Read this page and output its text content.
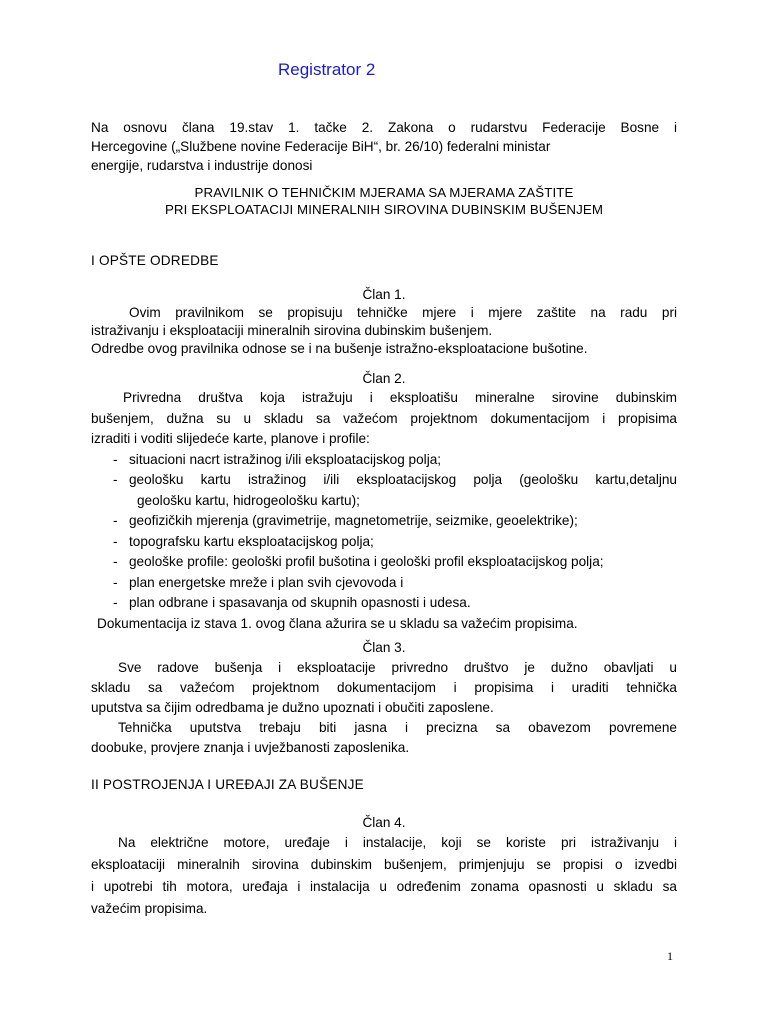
Registrator 2

Na osnovu člana 19.stav 1. tačke 2. Zakona o rudarstvu Federacije Bosne i

Hercegovine („Službene novine Federacije BiH“, br. 26/10) federalni ministar

energije, rudarstva i industrije donosi

PRAVILNIK O TEHNIČKIM MJERAMA SA MJERAMA ZAŠTITE
PRI EKSPLOATACIJI MINERALNIH SIROVINA DUBINSKIM BUŠENJEM
I OPŠTE ODREDBE
Član 1.

Ovim pravilnikom se propisuju tehničke mjere i mjere zaštite na radu pri

istraživanju i eksploataciji mineralnih sirovina dubinskim bušenjem.

Odredbe ovog pravilnika odnose se i na bušenje istražno-eksploatacione bušotine.

Član 2.

Privredna društva koja istražuju i eksploatišu mineralne sirovine dubinskim

bušenjem, dužna su u skladu sa važećom projektnom dokumentacijom i propisima

izraditi i voditi slijedeće karte, planove i profile:

- situacioni nacrt istražinog i/ili eksploatacijskog polja;
- geološku kartu istražinog i/ili eksploatacijskog polja (geološku kartu,detaljnu
geološku kartu, hidrogeološku kartu);
- geofizičkih mjerenja (gravimetrije, magnetometrije, seizmike, geoelektrike);
- topografsku kartu eksploatacijskog polja;
- geološke profile: geološki profil bušotina i geološki profil eksploatacijskog polja;
- plan energetske mreže i plan svih cjevovoda i
- plan odbrane i spasavanja od skupnih opasnosti i udesa.

Dokumentacija iz stava 1. ovog člana ažurira se u skladu sa važećim propisima.

Član 3.

Sve radove bušenja i eksploatacije privredno društvo je dužno obavljati u

skladu sa važećom projektnom dokumentacijom i propisima i uraditi tehnička

uputstva sa čijim odredbama je dužno upoznati i obučiti zaposlene.

Tehnička uputstva trebaju biti jasna i precizna sa obavezom povremene

doobuke, provjere znanja i uvježbanosti zaposlenika.

II POSTROJENJA I UREĐAJI ZA BUŠENJE
Član 4.

Na električne motore, uređaje i instalacije, koji se koriste pri istraživanju i

eksploataciji mineralnih sirovina dubinskim bušenjem, primjenjuju se propisi o izvedbi

i upotrebi tih motora, uređaja i instalacija u određenim zonama opasnosti u skladu sa

važećim propisima.

1
